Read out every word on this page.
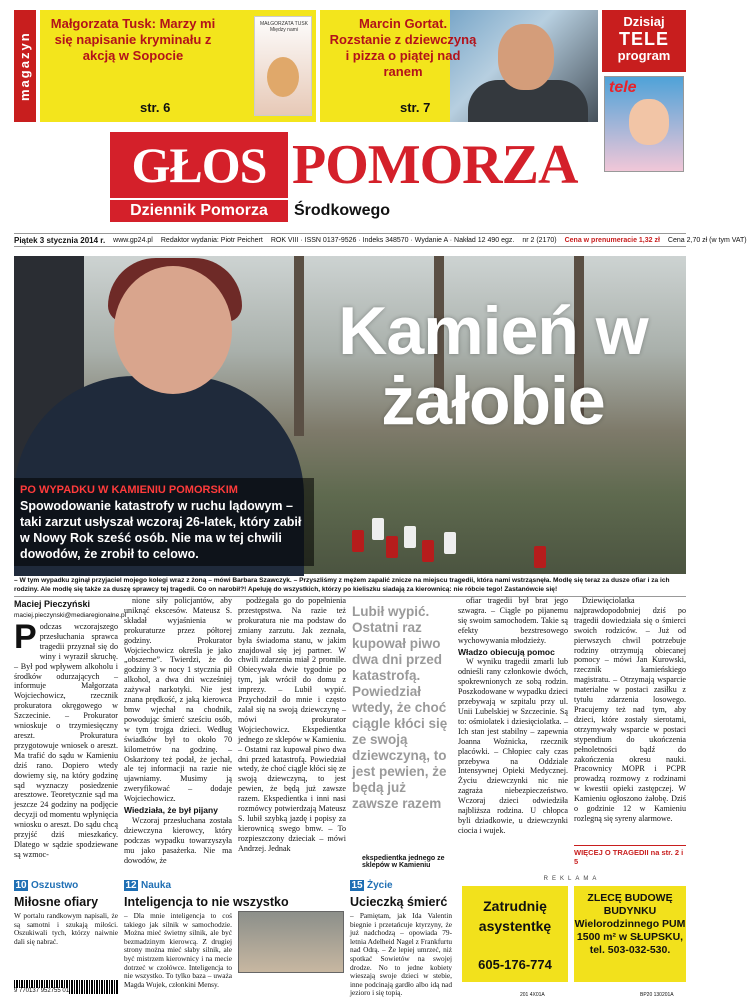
magazyn
Małgorzata Tusk: Marzy mi się napisanie kryminału z akcją w Sopocie
str. 6
MAŁGORZATA TUSK Między nami	Marcin Gortat. Rozstanie z dziewczyną i pizza o piątej nad ranem
str. 7
Dzisiaj
TELE
program
tele
GŁOS POMORZA
Dziennik Pomorza	Środkowego
Piątek 3 stycznia 2014 r. www.gp24.pl Redaktor wydania: Piotr Peichert ROK VIII · ISSN 0137-9526 · Indeks 348570 · Wydanie A · Nakład 12 490 egz. nr 2 (2170) Cena w prenumeracie 1,32 zł Cena 2,70 zł (w tym VAT)
Kamień w żałobie
PO WYPADKU W KAMIENIU POMORSKIM
Spowodowanie katastrofy w ruchu lądowym – taki zarzut usłyszał wczoraj 26-latek, który zabił w Nowy Rok sześć osób. Nie ma w tej chwili dowodów, że zrobił to celowo.
– W tym wypadku zginął przyjaciel mojego kolegi wraz z żoną – mówi Barbara Szawczyk. – Przyszliśmy z mężem zapalić znicze na miejscu tragedii, która nami wstrząsnęła. Modlę się teraz za dusze ofiar i za ich rodziny. Ale modlę się także za duszę sprawcy tej tragedii. Co on narobił?! Apeluję do wszystkich, którzy po kieliszku siadają za kierownicą: nie róbcie tego! Zastanówcie się!
Maciej Pieczyński
maciej.pieczynski@mediaregionalne.pl
Podczas wczorajszego przesłuchania sprawca tragedii przyznał się do winy i wyraził skruchę. – Był pod wpływem alkoholu i środków odurzających – informuje Małgorzata Wojciechowicz, rzecznik prokuratora okręgowego w Szczecinie. – Prokurator wnioskuje o trzymiesięczny areszt. Prokuratura przygotowuje wniosek o areszt. Ma trafić do sądu w Kamieniu dziś rano. Dopiero wtedy dowiemy się, na który godzinę sąd wyznaczy posiedzenie aresztowe. Teoretycznie sąd ma jeszcze 24 godziny na podjęcie decyzji od momentu wpłynięcia wniosku o areszt. Do sądu chcą przyjść dziś mieszkańcy. Dlatego w sądzie spodziewane są wzmoc-

nione siły policjantów, aby uniknąć ekscesów. Mateusz S. składał wyjaśnienia w prokuraturze przez półtorej godziny. Prokurator Wojciechowicz określa je jako „obszerne”. Twierdzi, że do godziny 3 w nocy 1 stycznia pił alkohol, a dwa dni wcześniej zażywał narkotyki. Nie jest znana prędkość, z jaką kierowca bmw wjechał na chodnik, powodując śmierć sześciu osób, w tym trojga dzieci. Według świadków był to około 70 kilometrów na godzinę. – Oskarżony też podał, że jechał, ale tej informacji na razie nie ujawniamy. Musimy ją zweryfikować – dodaje Wojciechowicz.

Wiedziała, że był pijany

Wczoraj przesłuchana została dziewczyna kierowcy, który podczas wypadku towarzyszyła mu jako pasażerka. Nie ma dowodów, że

podżegała go do popełnienia przestępstwa. Na razie też prokuratura nie ma podstaw do zmiany zarzutu. Jak zeznała, była świadoma stanu, w jakim znajdował się jej partner. W chwili zdarzenia miał 2 promile. Obiecywała dwie tygodnie po tym, jak wrócił do domu z imprezy. – Lubił wypić. Przychodził do mnie i często zalał się na swoją dziewczynę – mówi prokurator Wojciechowicz. Ekspedientka jednego ze sklepów w Kamieniu. – Ostatni raz kupował piwo dwa dni przed katastrofą. Powiedział wtedy, że choć ciągle kłóci się ze swoją dziewczyną, to jest pewien, że będą już zawsze razem. Ekspedientka i inni nasi rozmówcy potwierdzają Mateusz S. lubił szybką jazdę i popisy za kierownicą swego bmw. – To rozpieszczony dzieciak – mówi Andrzej. Jednak

Lubił wypić. Ostatni raz kupował piwo dwa dni przed katastrofą. Powiedział wtedy, że choć ciągle kłóci się ze swoją dziewczyną, to jest pewien, że będą już zawsze razem
ekspedientka jednego ze sklepów w Kamieniu

ofiar tragedii był brat jego szwagra. – Ciągle po pijanemu się swoim samochodem. Takie są efekty bezstresowego wychowywania młodzieży.

Władzo obiecują pomoc

W wyniku tragedii zmarli lub odnieśli rany członkowie dwóch, spokrewnionych ze sobą rodzin. Poszkodowane w wypadku dzieci przebywają w szpitalu przy ul. Unii Lubelskiej w Szczecinie. Są to: ośmiolatek i dziesięciolatka. – Ich stan jest stabilny – zapewnia Joanna Woźnicka, rzecznik placówki. – Chłopiec cały czas przebywa na Oddziale Intensywnej Opieki Medycznej. Życiu dziewczynki nic nie zagraża niebezpieczeństwo. Wczoraj dzieci odwiedziła najbliższa rodzina. U chłopca byli dziadkowie, u dziewczynki ciocia i wujek.

Dziewięciolatka najprawdopodobniej dziś po tragedii dowiedziała się o śmierci swoich rodziców. – Już od pierwszych chwil potrzebuje rodziny otrzymują obiecanej pomocy – mówi Jan Kurowski, rzecznik kamieńskiego magistratu. – Otrzymają wsparcie materialne w postaci zasiłku z tytułu zdarzenia losowego. Pracujemy też nad tym, aby dzieci, które zostały sierotami, otrzymywały wsparcie w postaci stypendium do ukończenia pełnoletności bądź do zakończenia okresu nauki. Pracownicy MOPR i PCPR prowadzą rozmowy z rodzinami w kwestii opieki zastępczej. W Kamieniu ogłoszono żałobę. Dziś o godzinie 12 w Kamieniu rozlegną się syreny alarmowe.

WIĘCEJ O TRAGEDII na str. 2 i 5
10 Oszustwo
Miłosne ofiary
W portalu randkowym napisali, że są samotni i szukają miłości. Oszukiwali tych, którzy naiwnie dali się nabrać.
12 Nauka
Inteligencja to nie wszystko
– Dla mnie inteligencja to coś takiego jak silnik w samochodzie. Można mieć świetny silnik, ale być bezmadzinym kierowcą. Z drugiej strony można mieć słaby silnik, ale być mistrzem kierownicy i na mecie dotrzeć w czołówce. Inteligencja to nie wszystko. To tylko baza – uważa Magda Wujek, członkini Mensy.
15 Życie
Ucieczką śmierć
– Pamiętam, jak Ida Valentin biegnie i przetańcuje ktyrzyny, że już nadchodzą – opowiada 79-letnia Adelheid Nagel z Frankfurtu nad Odrą. – Że lepiej umrzeć, niż spotkać Sowietów na swojej drodze. No to jedne kobiety wieszają swoje dzieci w stebie, inne podcinają gardło albo idą nad jezioro i się topią.
REKLAMA
Zatrudnię asystentkę
605-176-774
ZLECĘ BUDOWĘ BUDYNKU Wielorodzinnego PUM 1500 m² w SŁUPSKU, tel. 503-032-530.
9 770137 952755 01
201 4X01A	BP20 130201A
